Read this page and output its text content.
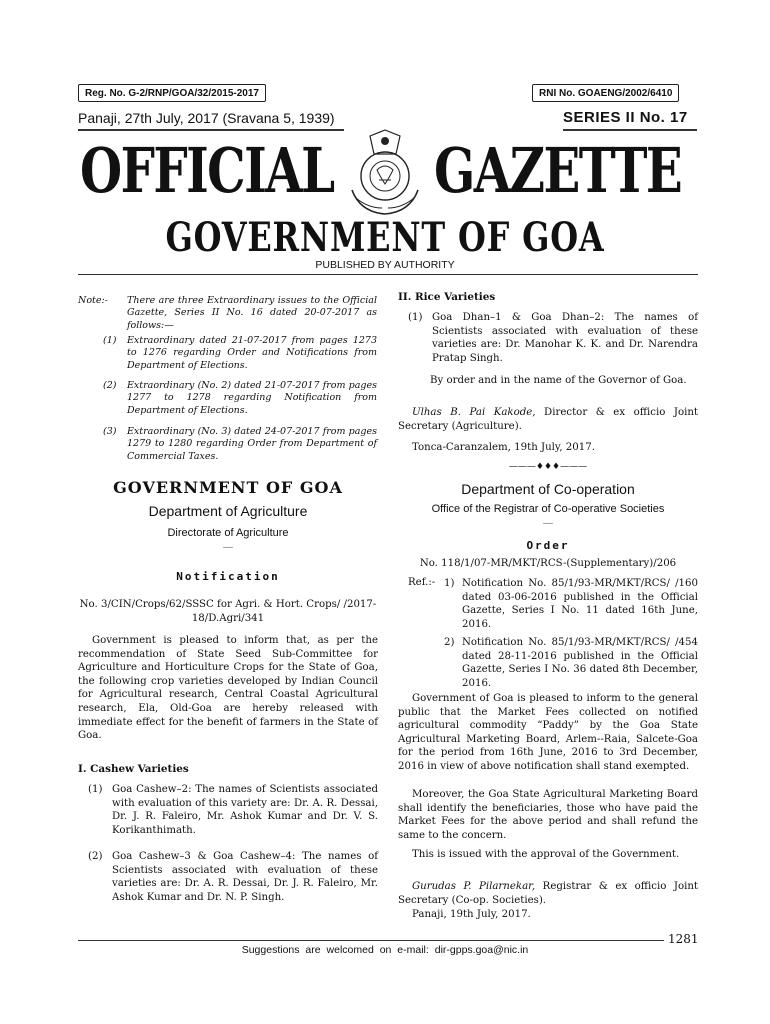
Reg. No. G-2/RNP/GOA/32/2015-2017	RNI No. GOAENG/2002/6410
Panaji, 27th July, 2017 (Sravana 5, 1939)	SERIES II No. 17
OFFICIAL GAZETTE
GOVERNMENT OF GOA
PUBLISHED BY AUTHORITY
Note:- There are three Extraordinary issues to the Official Gazette, Series II No. 16 dated 20-07-2017 as follows:—
(1)	Extraordinary dated 21-07-2017 from pages 1273 to 1276 regarding Order and Notifications from Department of Elections.
(2)	Extraordinary (No. 2) dated 21-07-2017 from pages 1277 to 1278 regarding Notification from Department of Elections.
(3)	Extraordinary (No. 3) dated 24-07-2017 from pages 1279 to 1280 regarding Order from Department of Commercial Taxes.
GOVERNMENT OF GOA
Department of Agriculture
Directorate of Agriculture
—
Notification
No. 3/CIN/Crops/62/SSSC for Agri. & Hort. Crops/ /2017-18/D.Agri/341
Government is pleased to inform that, as per the recommendation of State Seed Sub-Committee for Agriculture and Horticulture Crops for the State of Goa, the following crop varieties developed by Indian Council for Agricultural research, Central Coastal Agricultural research, Ela, Old-Goa are hereby released with immediate effect for the benefit of farmers in the State of Goa.
I. Cashew Varieties
(1) Goa Cashew–2: The names of Scientists associated with evaluation of this variety are: Dr. A. R. Dessai, Dr. J. R. Faleiro, Mr. Ashok Kumar and Dr. V. S. Korikanthimath.
(2) Goa Cashew–3 & Goa Cashew–4: The names of Scientists associated with evaluation of these varieties are: Dr. A. R. Dessai, Dr. J. R. Faleiro, Mr. Ashok Kumar and Dr. N. P. Singh.
II. Rice Varieties
(1) Goa Dhan–1 & Goa Dhan–2: The names of Scientists associated with evaluation of these varieties are: Dr. Manohar K. K. and Dr. Narendra Pratap Singh.
By order and in the name of the Governor of Goa.
Ulhas B. Pai Kakode, Director & ex officio Joint Secretary (Agriculture).
Tonca-Caranzalem, 19th July, 2017.
———♦♦♦———
Department of Co-operation
Office of the Registrar of Co-operative Societies
—
Order
No. 118/1/07-MR/MKT/RCS-(Supplementary)/206
Ref.:- 1) Notification No. 85/1/93-MR/MKT/RCS/ /160 dated 03-06-2016 published in the Official Gazette, Series I No. 11 dated 16th June, 2016.
2) Notification No. 85/1/93-MR/MKT/RCS/ /454 dated 28-11-2016 published in the Official Gazette, Series I No. 36 dated 8th December, 2016.
Government of Goa is pleased to inform to the general public that the Market Fees collected on notified agricultural commodity “Paddy” by the Goa State Agricultural Marketing Board, Arlem--Raia, Salcete-Goa for the period from 16th June, 2016 to 3rd December, 2016 in view of above notification shall stand exempted.
Moreover, the Goa State Agricultural Marketing Board shall identify the beneficiaries, those who have paid the Market Fees for the above period and shall refund the same to the concern.
This is issued with the approval of the Government.
Gurudas P. Pilarnekar, Registrar & ex officio Joint Secretary (Co-op. Societies).
Panaji, 19th July, 2017.
1281
Suggestions are welcomed on e-mail: dir-gpps.goa@nic.in
